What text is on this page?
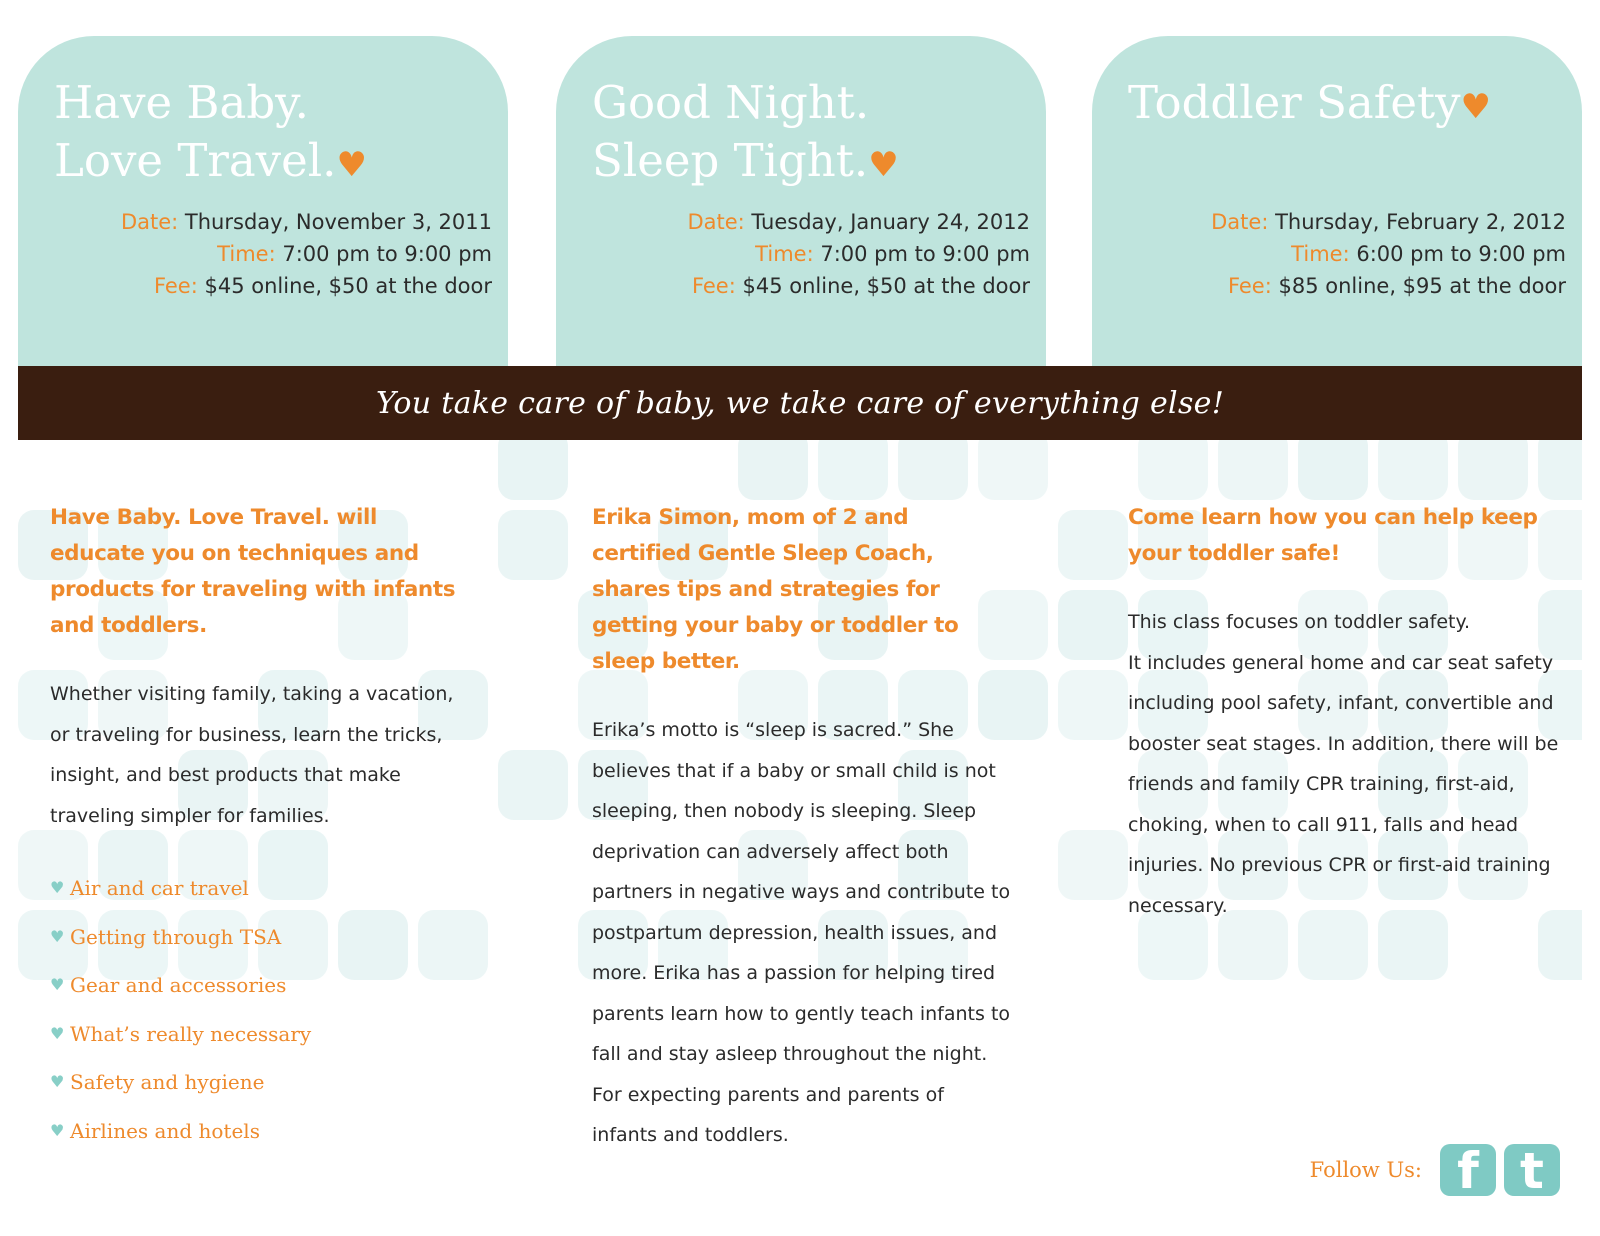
Have Baby.
Love Travel.♥
Date: Thursday, November 3, 2011
Time: 7:00 pm to 9:00 pm
Fee: $45 online, $50 at the door
Good Night.
Sleep Tight.♥
Date: Tuesday, January 24, 2012
Time: 7:00 pm to 9:00 pm
Fee: $45 online, $50 at the door
Toddler Safety♥
Date: Thursday, February 2, 2012
Time: 6:00 pm to 9:00 pm
Fee: $85 online, $95 at the door
You take care of baby, we take care of everything else!

Have Baby. Love Travel. will educate you on techniques and products for traveling with infants and toddlers.

Whether visiting family, taking a vacation, or traveling for business, learn the tricks, insight, and best products that make traveling simpler for families.

♥ Air and car travel
♥ Getting through TSA
♥ Gear and accessories
♥ What’s really necessary
♥ Safety and hygiene
♥ Airlines and hotels

Erika Simon, mom of 2 and certified Gentle Sleep Coach, shares tips and strategies for getting your baby or toddler to sleep better.

Erika’s motto is “sleep is sacred.” She believes that if a baby or small child is not sleeping, then nobody is sleeping. Sleep deprivation can adversely affect both partners in negative ways and contribute to postpartum depression, health issues, and more. Erika has a passion for helping tired parents learn how to gently teach infants to fall and stay asleep throughout the night. For expecting parents and parents of infants and toddlers.

Come learn how you can help keep your toddler safe!

This class focuses on toddler safety.

It includes general home and car seat safety including pool safety, infant, convertible and booster seat stages. In addition, there will be friends and family CPR training, first-aid, choking, when to call 911, falls and head injuries. No previous CPR or first-aid training necessary.

Follow Us: f t
